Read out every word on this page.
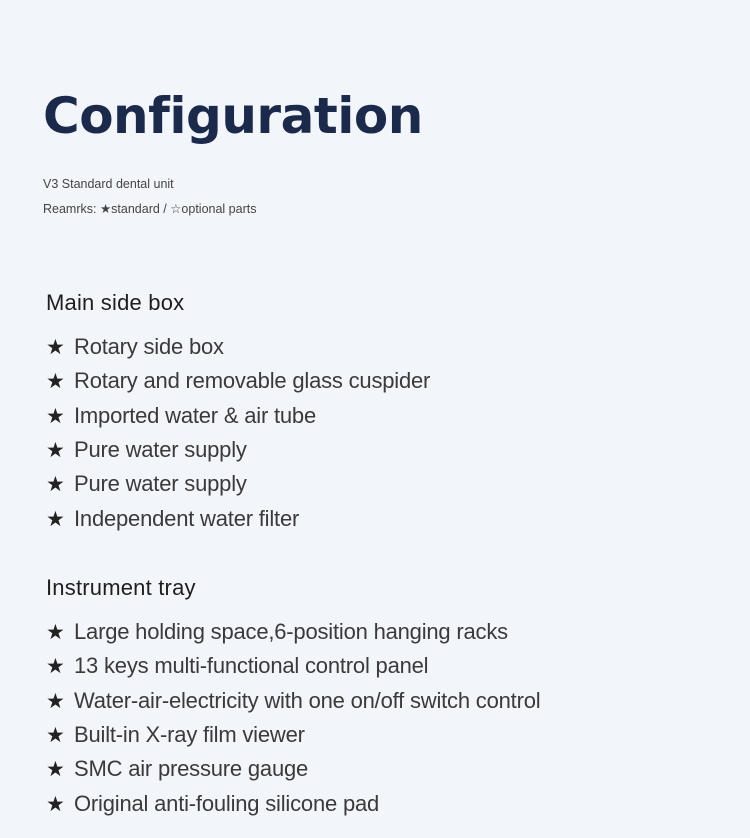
Configuration
V3 Standard dental unit
Reamrks: ★standard / ☆optional parts
Main side box
★ Rotary side box
★ Rotary and removable glass cuspider
★ Imported water & air tube
★ Pure water supply
★ Pure water supply
★ Independent water filter
Instrument tray
★ Large holding space,6-position hanging racks
★ 13 keys multi-functional control panel
★ Water-air-electricity with one on/off switch control
★ Built-in X-ray film viewer
★ SMC air pressure gauge
★ Original anti-fouling silicone pad
